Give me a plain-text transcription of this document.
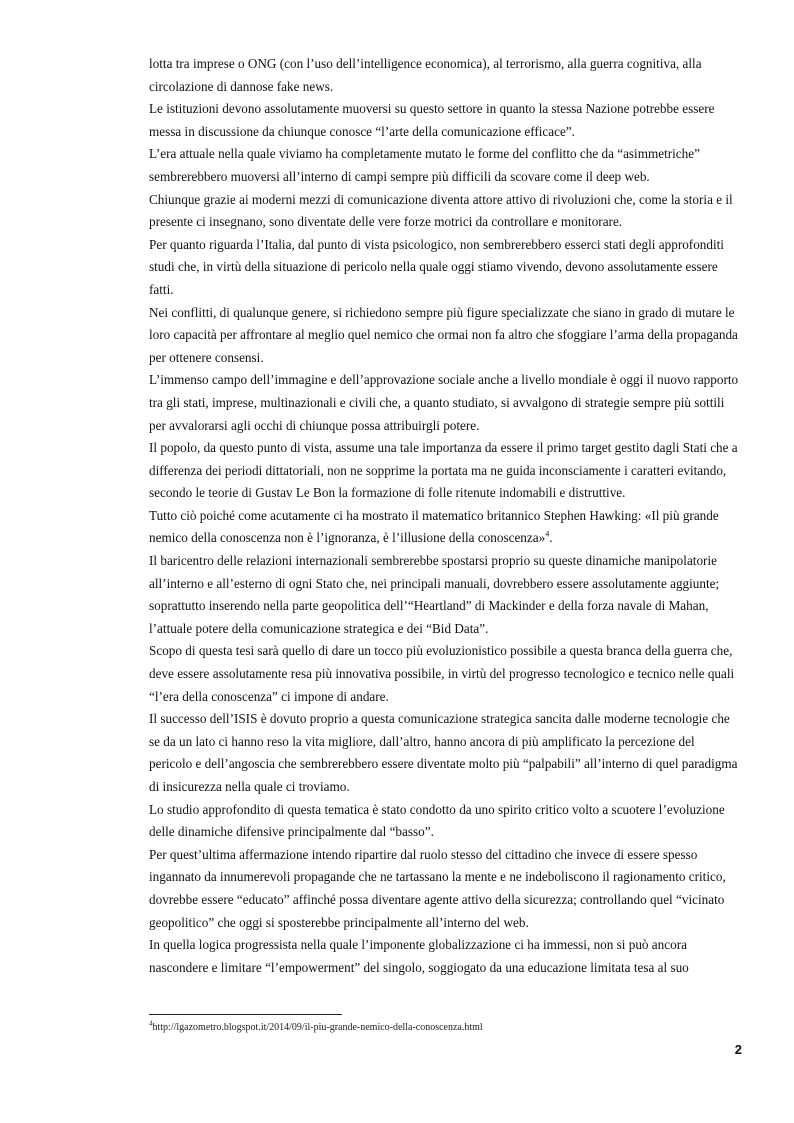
lotta tra imprese o ONG (con l’uso dell’intelligence economica), al terrorismo, alla guerra cognitiva, alla circolazione di dannose fake news.

Le istituzioni devono assolutamente muoversi su questo settore in quanto la stessa Nazione potrebbe essere messa in discussione da chiunque conosce “l’arte della comunicazione efficace”.

L’era attuale nella quale viviamo ha completamente mutato le forme del conflitto che da “asimmetriche” sembrerebbero muoversi all’interno di campi sempre più difficili da scovare come il deep web.

Chiunque grazie ai moderni mezzi di comunicazione diventa attore attivo di rivoluzioni che, come la storia e il presente ci insegnano, sono diventate delle vere forze motrici da controllare e monitorare.

Per quanto riguarda l’Italia, dal punto di vista psicologico, non sembrerebbero esserci stati degli approfonditi studi che, in virtù della situazione di pericolo nella quale oggi stiamo vivendo, devono assolutamente essere fatti.

Nei conflitti, di qualunque genere, si richiedono sempre più figure specializzate che siano in grado di mutare le loro capacità per affrontare al meglio quel nemico che ormai non fa altro che sfoggiare l’arma della propaganda per ottenere consensi.

L’immenso campo dell’immagine e dell’approvazione sociale anche a livello mondiale è oggi il nuovo rapporto tra gli stati, imprese, multinazionali e civili che, a quanto studiato, si avvalgono di strategie sempre più sottili per avvalorarsi agli occhi di chiunque possa attribuirgli potere.

Il popolo, da questo punto di vista, assume una tale importanza da essere il primo target gestito dagli Stati che a differenza dei periodi dittatoriali, non ne sopprime la portata ma ne guida inconsciamente i caratteri evitando, secondo le teorie di Gustav Le Bon la formazione di folle ritenute indomabili e distruttive.

Tutto ciò poiché come acutamente ci ha mostrato il matematico britannico Stephen Hawking: «Il più grande nemico della conoscenza non è l’ignoranza, è l’illusione della conoscenza»$^4$.

Il baricentro delle relazioni internazionali sembrerebbe spostarsi proprio su queste dinamiche manipolatorie all’interno e all’esterno di ogni Stato che, nei principali manuali, dovrebbero essere assolutamente aggiunte; soprattutto inserendo nella parte geopolitica dell’“Heartland” di Mackinder e della forza navale di Mahan, l’attuale potere della comunicazione strategica e dei “Bid Data”.

Scopo di questa tesi sarà quello di dare un tocco più evoluzionistico possibile a questa branca della guerra che, deve essere assolutamente resa più innovativa possibile, in virtù del progresso tecnologico e tecnico nelle quali “l’era della conoscenza” ci impone di andare.

Il successo dell’ISIS è dovuto proprio a questa comunicazione strategica sancita dalle moderne tecnologie che se da un lato ci hanno reso la vita migliore, dall’altro, hanno ancora di più amplificato la percezione del pericolo e dell’angoscia che sembrerebbero essere diventate molto più “palpabili” all’interno di quel paradigma di insicurezza nella quale ci troviamo.

Lo studio approfondito di questa tematica è stato condotto da uno spirito critico volto a scuotere l’evoluzione delle dinamiche difensive principalmente dal “basso”.

Per quest’ultima affermazione intendo ripartire dal ruolo stesso del cittadino che invece di essere spesso ingannato da innumerevoli propagande che ne tartassano la mente e ne indeboliscono il ragionamento critico, dovrebbe essere “educato” affinché possa diventare agente attivo della sicurezza; controllando quel “vicinato geopolitico” che oggi si sposterebbe principalmente all’interno del web.

In quella logica progressista nella quale l’imponente globalizzazione ci ha immessi, non si può ancora nascondere e limitare “l’empowerment” del singolo, soggiogato da una educazione limitata tesa al suo

$^4$http://lgazometro.blogspot.it/2014/09/il-piu-grande-nemico-della-conoscenza.html
2
